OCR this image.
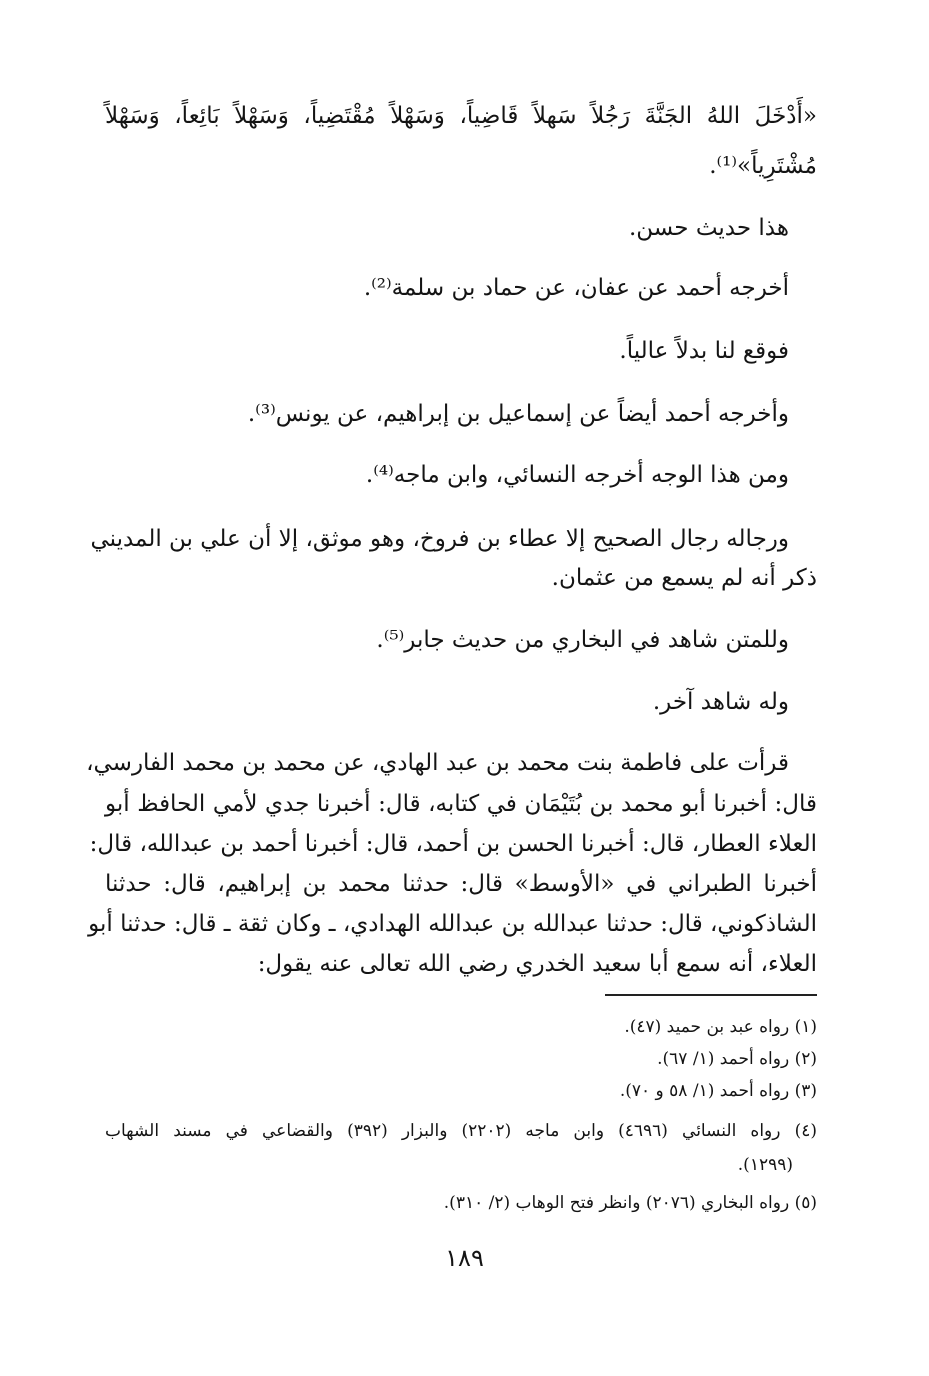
«أَدْخَلَ اللهُ الجَنَّةَ رَجُلاً سَهلاً قَاضِياً، وَسَهْلاً مُقْتَضِياً، وَسَهْلاً بَائِعاً، وَسَهْلاً
مُشْتَرِياً»⁽¹⁾.
هذا حديث حسن.
أخرجه أحمد عن عفان، عن حماد بن سلمة⁽²⁾.
فوقع لنا بدلاً عالياً.
وأخرجه أحمد أيضاً عن إسماعيل بن إبراهيم، عن يونس⁽³⁾.
ومن هذا الوجه أخرجه النسائي، وابن ماجه⁽⁴⁾.
ورجاله رجال الصحيح إلا عطاء بن فروخ، وهو موثق، إلا أن علي بن المديني
ذكر أنه لم يسمع من عثمان.
وللمتن شاهد في البخاري من حديث جابر⁽⁵⁾.
وله شاهد آخر.
قرأت على فاطمة بنت محمد بن عبد الهادي، عن محمد بن محمد الفارسي،
قال: أخبرنا أبو محمد بن بُتَيْمَان في كتابه، قال: أخبرنا جدي لأمي الحافظ أبو
العلاء العطار، قال: أخبرنا الحسن بن أحمد، قال: أخبرنا أحمد بن عبدالله، قال:
أخبرنا الطبراني في «الأوسط» قال: حدثنا محمد بن إبراهيم، قال: حدثنا
الشاذكوني، قال: حدثنا عبدالله بن عبدالله الهدادي، ـ وكان ثقة ـ قال: حدثنا أبو
العلاء، أنه سمع أبا سعيد الخدري رضي الله تعالى عنه يقول:
(١) رواه عبد بن حميد (٤٧).
(٢) رواه أحمد (١/ ٦٧).
(٣) رواه أحمد (١/ ٥٨ و ٧٠).
(٤) رواه النسائي (٤٦٩٦) وابن ماجه (٢٢٠٢) والبزار (٣٩٢) والقضاعي في مسند الشهاب
(١٢٩٩).
(٥) رواه البخاري (٢٠٧٦) وانظر فتح الوهاب (٢/ ٣١٠).
١٨٩
